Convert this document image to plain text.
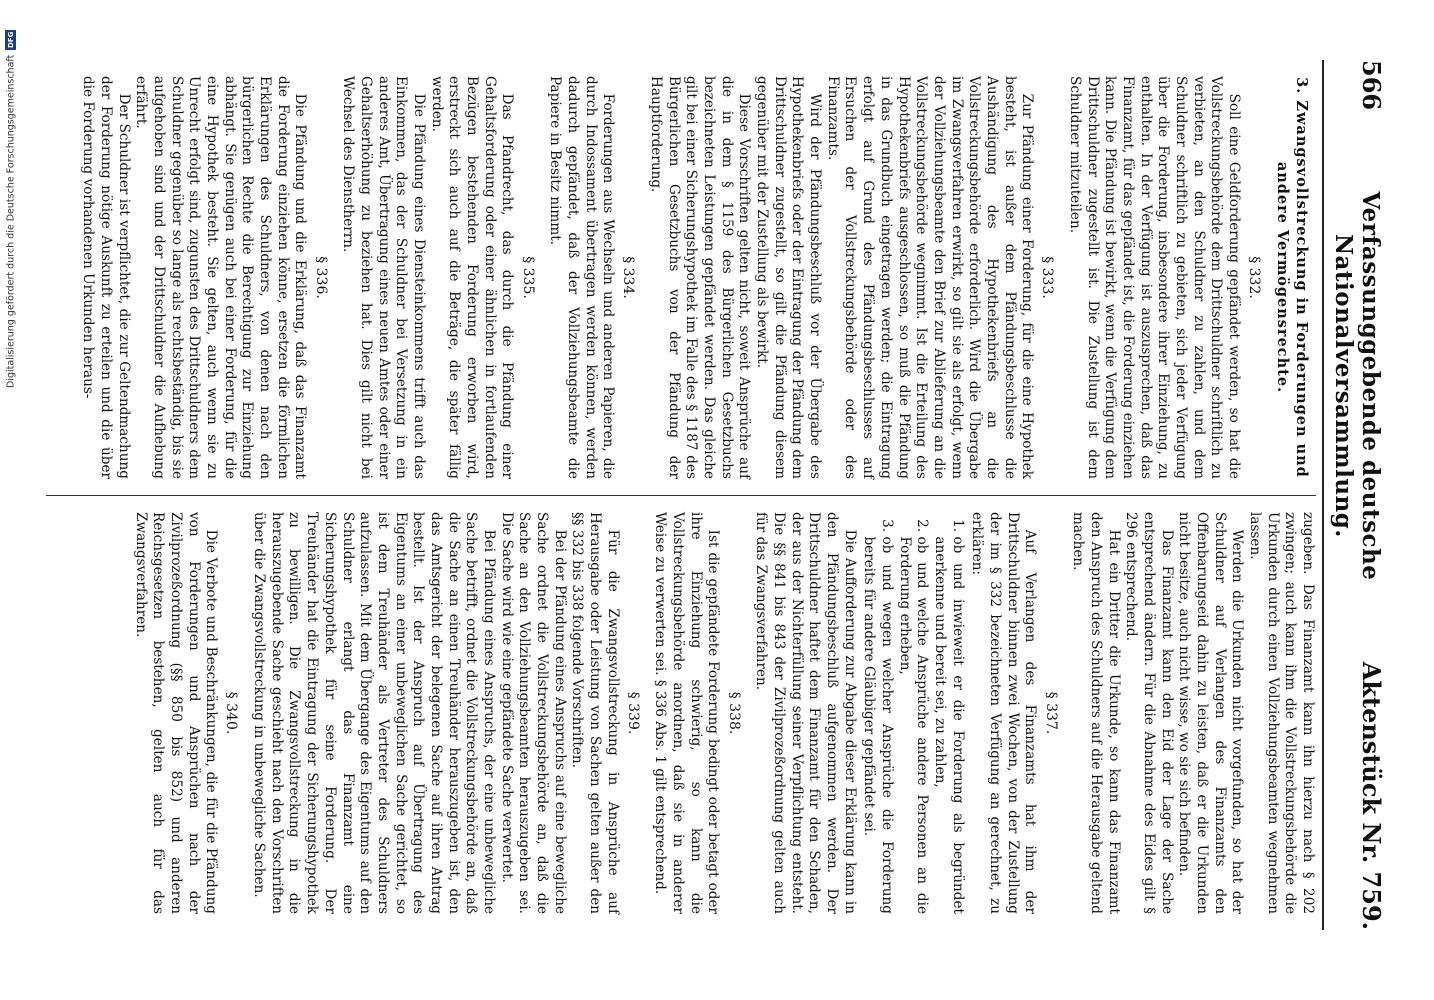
566
Verfassunggebende deutsche Nationalversammlung.
Aktenstück Nr. 759.
3. Zwangsvollstreckung in Forderungen und andere Vermögensrechte.
§ 332.

Soll eine Geldforderung gepfändet werden, so hat die Vollstreckungsbehörde dem Drittschuldner schriftlich zu verbieten, an den Schuldner zu zahlen, und dem Schuldner schriftlich zu gebieten, sich jeder Verfügung über die Forderung, insbesondere ihrer Einziehung, zu enthalten. In der Verfügung ist auszusprechen, daß das Finanzamt, für das gepfändet ist, die Forderung einziehen kann. Die Pfändung ist bewirkt, wenn die Verfügung dem Drittschuldner zugestellt ist. Die Zustellung ist dem Schuldner mitzuteilen.

§ 333.

Zur Pfändung einer Forderung, für die eine Hypothek besteht, ist außer dem Pfändungsbeschlusse die Aushändigung des Hypothekenbriefs an die Vollstreckungsbehörde erforderlich. Wird die Übergabe im Zwangsverfahren erwirkt, so gilt sie als erfolgt, wenn der Vollziehungsbeamte den Brief zur Ablieferung an die Vollstreckungsbehörde wegnimmt. Ist die Erteilung des Hypothekenbriefs ausgeschlossen, so muß die Pfändung in das Grundbuch eingetragen werden; die Eintragung erfolgt auf Grund des Pfändungsbeschlusses auf Ersuchen der Vollstreckungsbehörde oder des Finanzamts.

Wird der Pfändungsbeschluß vor der Übergabe des Hypothekenbriefs oder der Eintragung der Pfändung dem Drittschuldner zugestellt, so gilt die Pfändung diesem gegenüber mit der Zustellung als bewirkt.

Diese Vorschriften gelten nicht, soweit Ansprüche auf die in dem § 1159 des Bürgerlichen Gesetzbuchs bezeichneten Leistungen gepfändet werden. Das gleiche gilt bei einer Sicherungshypothek im Falle des § 1187 des Bürgerlichen Gesetzbuchs von der Pfändung der Hauptforderung.

§ 334.

Forderungen aus Wechseln und anderen Papieren, die durch Indossament übertragen werden können, werden dadurch gepfändet, daß der Vollziehungsbeamte die Papiere in Besitz nimmt.

§ 335.

Das Pfandrecht, das durch die Pfändung einer Gehaltsforderung oder einer ähnlichen in fortlaufenden Bezügen bestehenden Forderung erworben wird, erstreckt sich auch auf die Beträge, die später fällig werden.

Die Pfändung eines Diensteinkommens trifft auch das Einkommen, das der Schuldner bei Versetzung in ein anderes Amt, Übertragung eines neuen Amtes oder einer Gehaltserhöhung zu beziehen hat. Dies gilt nicht bei Wechsel des Dienstherrn.

§ 336.

Die Pfändung und die Erklärung, daß das Finanzamt die Forderung einziehen könne, ersetzen die förmlichen Erklärungen des Schuldners, von denen nach den bürgerlichen Rechte die Berechtigung zur Einziehung abhängt. Sie genügen auch bei einer Forderung, für die eine Hypothek besteht. Sie gelten, auch wenn sie zu Unrecht erfolgt sind, zugunsten des Drittschuldners dem Schuldner gegenüber so lange als rechtsbeständig, bis sie aufgehoben sind und der Drittschuldner die Aufhebung erfährt.

Der Schuldner ist verpflichtet, die zur Geltendmachung der Forderung nötige Auskunft zu erteilen und die über die Forderung vorhandenen Urkunden heraus-

zugeben. Das Finanzamt kann ihn hierzu nach § 202 zwingen; auch kann ihm die Vollstreckungsbehörde die Urkunden durch einen Vollziehungsbeamten wegnehmen lassen.

Werden die Urkunden nicht vorgefunden, so hat der Schuldner auf Verlangen des Finanzamts den Offenbarungseid dahin zu leisten, daß er die Urkunden nicht besitze, auch nicht wisse, wo sie sich befinden.

Das Finanzamt kann den Eid der Lage der Sache entsprechend ändern. Für die Abnahme des Eides gilt § 296 entsprechend.

Hat ein Dritter die Urkunde, so kann das Finanzamt den Anspruch des Schuldners auf die Herausgabe geltend machen.

§ 337.

Auf Verlangen des Finanzamts hat ihm der Drittschuldner binnen zwei Wochen, von der Zustellung der im § 332 bezeichneten Verfügung an gerechnet, zu erklären:

1. ob und inwieweit er die Forderung als begründet anerkenne und bereit sei, zu zahlen,
2. ob und welche Ansprüche andere Personen an die Forderung erheben,
3. ob und wegen welcher Ansprüche die Forderung bereits für andere Gläubiger gepfändet sei.

Die Aufforderung zur Abgabe dieser Erklärung kann in den Pfändungsbeschluß aufgenommen werden. Der Drittschuldner haftet dem Finanzamt für den Schaden, der aus der Nichterfüllung seiner Verpflichtung entsteht. Die §§ 841 bis 843 der Zivilprozeßordnung gelten auch für das Zwangsverfahren.

§ 338.

Ist die gepfändete Forderung bedingt oder betagt oder ihre Einziehung schwierig, so kann die Vollstreckungsbehörde anordnen, daß sie in anderer Weise zu verwerten sei. § 336 Abs. 1 gilt entsprechend.

§ 339.

Für die Zwangsvollstreckung in Ansprüche auf Herausgabe oder Leistung von Sachen gelten außer den §§ 332 bis 338 folgende Vorschriften.

Bei der Pfändung eines Anspruchs auf eine bewegliche Sache ordnet die Vollstreckungsbehörde an, daß die Sache an den Vollziehungsbeamten herauszugeben sei. Die Sache wird wie eine gepfändete Sache verwertet.

Bei Pfändung eines Anspruchs, der eine unbewegliche Sache betrifft, ordnet die Vollstreckungsbehörde an, daß die Sache an einen Treuhänder herauszugeben ist, den das Amtsgericht der belegenen Sache auf ihren Antrag bestellt. Ist der Anspruch auf Übertragung des Eigentums an einer unbeweglichen Sache gerichtet, so ist dem Treuhänder als Vertreter des Schuldners aufzulassen. Mit dem Übergange des Eigentums auf den Schuldner erlangt das Finanzamt eine Sicherungshypothek für seine Forderung. Der Treuhänder hat die Eintragung der Sicherungshypothek zu bewilligen. Die Zwangsvollstreckung in die herauszugebende Sache geschieht nach den Vorschriften über die Zwangsvollstreckung in unbewegliche Sachen.

§ 340.

Die Verbote und Beschränkungen, die für die Pfändung von Forderungen und Ansprüchen nach der Zivilprozeßordnung (§§ 850 bis 852) und anderen Reichsgesetzen bestehen, gelten auch für das Zwangsverfahren.

Digitalisierung gefördert durch die Deutsche Forschungsgemeinschaft
DFG
